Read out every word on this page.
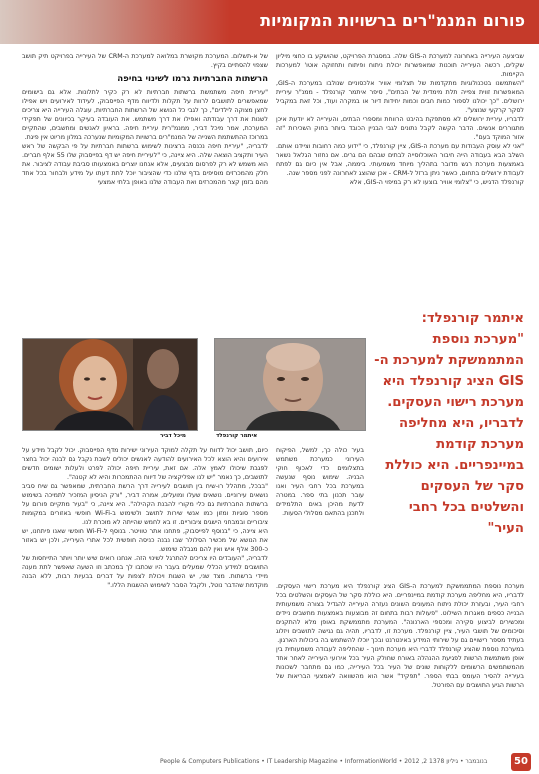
פורום המנמ"רים ברשויות המקומיות

שביצעה העירייה באחרונה למערכת ה-GIS שלה. במסגרת הפרויקט, שהושקע בו כחצי מיליון שקלים, רכשה העירייה תוכנות שמאפשרות יכולת ניתוח ופיתוח ותחזוקה אוטו' למערכות הקיימות.

"השתמשנו בטכנולוגיות מתקדמות של תצלומי אוויר אלכסוניים שנולבו במערכת ה-GIS, המאפשרות זווית צפייה תלת מימדית של הבתים", סיפר איתמר קורנפלד - ממנ"ר עיריית ירושלים. "כך יכולנו לספור כמות חבים וכמות יחידות דיור או במקרה ועוד, וכל זאת במקביל לסקר קרקעי שנוצע".

לדבריו, עיריית ירושלים לא מסתפקת בהיבט הרווחת ומספרי הבתים, והעירייה לא יודעת איכן מתגוררים אנשים. הדבר הקשה לקבל נתונים לגבי הבניין הכובד ביותר בחוק השכירות "זה אזור המוקד בעם".

"אני לא עוסק העבודות עם מערכת ה-GIS, ציין קורנפלד, כי "ידוע כמה רחובות וציידנו אותם. השלב הבא בעבודה הייה חיבור האוכלוסייה לבתים שבהם הם גרים. אם נחזור הגלאל נשאר באמצעות מערכת רגש מדובר בתהליך מיוחד משמעותי. ביממה, אבל אין כיום גם לפתח לעבודת ירושלים בתחום, כאשר ניתן ברזל ל-CRM - אכן שהוצג לאחרונה לפני מספר שנה.

קורנפלד הדגיש, כי "צלומי אוויר בוצעו לא רק במיפוי ה-GIS, אלא

של א-תשלום. המערכת מקושרת במלואה למערכת ה-CRM של העירייה בפרויקט תיק תושב שצפוי להסתיים בקיץ.

הרשתות החברתיות גרמו לשינוי בחיפה

"עיריית חיפה משתמשת ברשתות חברתיות לא רק כקיר לתלונות. אלא גם בישומים שמאפשרים לתושבים לרוות על תקלות ולדיווח מדף הפייסבוק, לעידוד לאירועים ויש אפילו לחצן מצוקה לילדים", כך לגבי כל הנושא של הרשתות החברתיות, עוגלה העירייה היא צריכים לשנות את דרך עבודתה ואפילו את דרך משתמש. את העובדה בעיקר בכיוונים של תפקידי המערכת, אמר מיכל דביר, ממנמ"רית עיריית חיפה. בראיון לאנשים ומחשבים, שהתקיים במרוכז ההתשתמת השנייה של המנמ"רים ברשויות המקומיות שנערכה במלון מריוט אין פיגת.

לדבריה, "עיריית חיפה נכנסה ברצינות לשימוש ברשתות חברתיות על פי הבקשה של ראש העיר ותקציב הוצאה שלה. היא ציינה, כי "לעיריית חיפה יש דף בפייסבוק שלו 55 אלף חברים. הוא משמש לא רק לפרסום מבצעים, אלא אנחנו יוצרים באמצעותו סביבת עבודה לציבור. את חלק מהמכרזים מוסיפים בדף שלנו כדי שהציבור יוכל לתת דעתו על מידע ולבחור בכל אחד מהם בזמן קצר מהמכרזים ואת העבודה שלנו באופן בלתי אמצעי

איתמר קורנפלד: "מערכת נוספת המתממשקת למערכת ה-GIS הציג קורנפלד היא מערכת רישוי העסקים. לדבריו, היא מחליפה מערכת קודמת במיינפריים. היא כוללת סקר של העסקים והשלטים בכל רחבי העיר"
איתמר קורנפלד
מיכל דביר

בעיר כולה כך, למשל, הפיקוח העירוני כמערכת משתמש בתצלומים כדי לאכוף חוקי הבניה. שימוש נוסף שנעשה במערכת בכל רחבי העיר ואנו עובר תכנון בתי ספר. במטרה לדעת מהיכן באים התלמידים ולתכנן בהתאם מסלולי הסעות.

מערכת נוספת המתממשקת למערכת ה-GIS הציג קורנפלד היא מערכת רישוי העסקים. לדבריו, היא מחליפה מערכת קודמת במיינפריים. היא כוללת סקר של העסקים והשלטים בכל רחבי העיר, ובעזרת יכולת ניתוח המעונים השונים נעזרה העירייה להגדיל בצורה משמעותית הבנייה כספים מאגרות השילוט. "פעולות רבות בתחום זה מבוצעות באמצעות מחשבים ניידים ומכשירים לביצוע סקירה ומכספי הארנונה". המערכת מתממשקת באופן מלא להתקנים וסיכומים של תושבי העיר, ציין קורנפלד. מערכת זו, לדבריו, תהיה גם נגישה לתושבים ויזלוג בעתיד מספר רישויים גם על שירותי המידע באינטרנט ובכך יוכלו להשתמש בה ביכולות הארגון.

במערכת נוספת שהציג קורנפלד לדברי היא מערכת חינוך - שהחליפה לעבודה משמעותית בין אופן משתמשת הרשות לפגיעת ההנהלה באורח שחולק העיר בכל אירועי העירייה לאחר אחד מהמשתמשים הרשומים ללקוחות שונים של העיר בכל העירייה, כמו גם מתחבר לשכונות בעירייה להסיר העומס בבתי הספר. "תפקיד" אשר הוא מהשוואה לאמצעי הבריאות של הרשות הגיע התושבים עם הפורטל.

כיום, תושב יכול לדווח על תקלה למוקד העירוני ישירות מדף הפייסבוק. יכול לקבל מידע על אירועים והיא הוצא לכל האירועים להודעה לאנשים יכולים לשבת נקבל גם לבנה יכול בחצר לפגבת שיכולו לאמץ אלה. אם זאת, עיריית חיפה יכולה לפרט ולעלות ישומים חדשים לתושבים, כך נאמר "יש לנו אפליקציה של דיווח ההתמכרות והיא לא קטנה".

"בבכל, מתהלל רו-שיח בין תושבים לעירייה דרך הרשת החברתית, שמאפשר גם שיח סביב נושאים עירוניים. נושאים שעלו ומועלים, אמרה דביר, "ורק הניסיון המזכיר לתמיכה בשימוש ברשתות החברתיות גם כלי מקורי להבנת הקהילה". היא ציינה, כי "בעיר מתקיים פורום על מספר סוגיות ומזון כמו אנשי שירות לתושב ולשימוש ב-Wi-Fi חופשי באזורים במקומות ציבוריים ובמבחני הישגים ציבוריים. זו בא לחמש שהייתה לא מוכרת לנו.

היא ציינה, כי "בנוסף לפייסבוק, פתחנו אתר טוויטר. בנוסף ל-Wi-Fi חופשי שאנו פיתחנו, יש את הנושא של מכשיר הסלולר שבו נבנה כניסה חופשית לכל אתרי העירייה, ולכן יש באזור כ-300 אלף איש ואין להם מגבלה שימוש.

לדבריה, "העובדים היו צריכים להתרגל לשינוי הזה. אנחנו רואים שיש יותר ויותר התייחסות של התושבים למידע הכללי שמעלים בעבר היו שכתבו לך במכתב וזו השעה שאפשר לתת מענה מיידי ברשתות. מצד שני, יש השגות ויכולת לצפות על דברים בבעיות רבות, ללא הבנה מוקדמת שהדבר נוטל, ולקבל הסבר לשימוש ההשגות הללו."

People & Computers Publications • IT Leadership Magazine • InformationWorld • 2012 ,2 בנובמבר • גיליון 1378	50
